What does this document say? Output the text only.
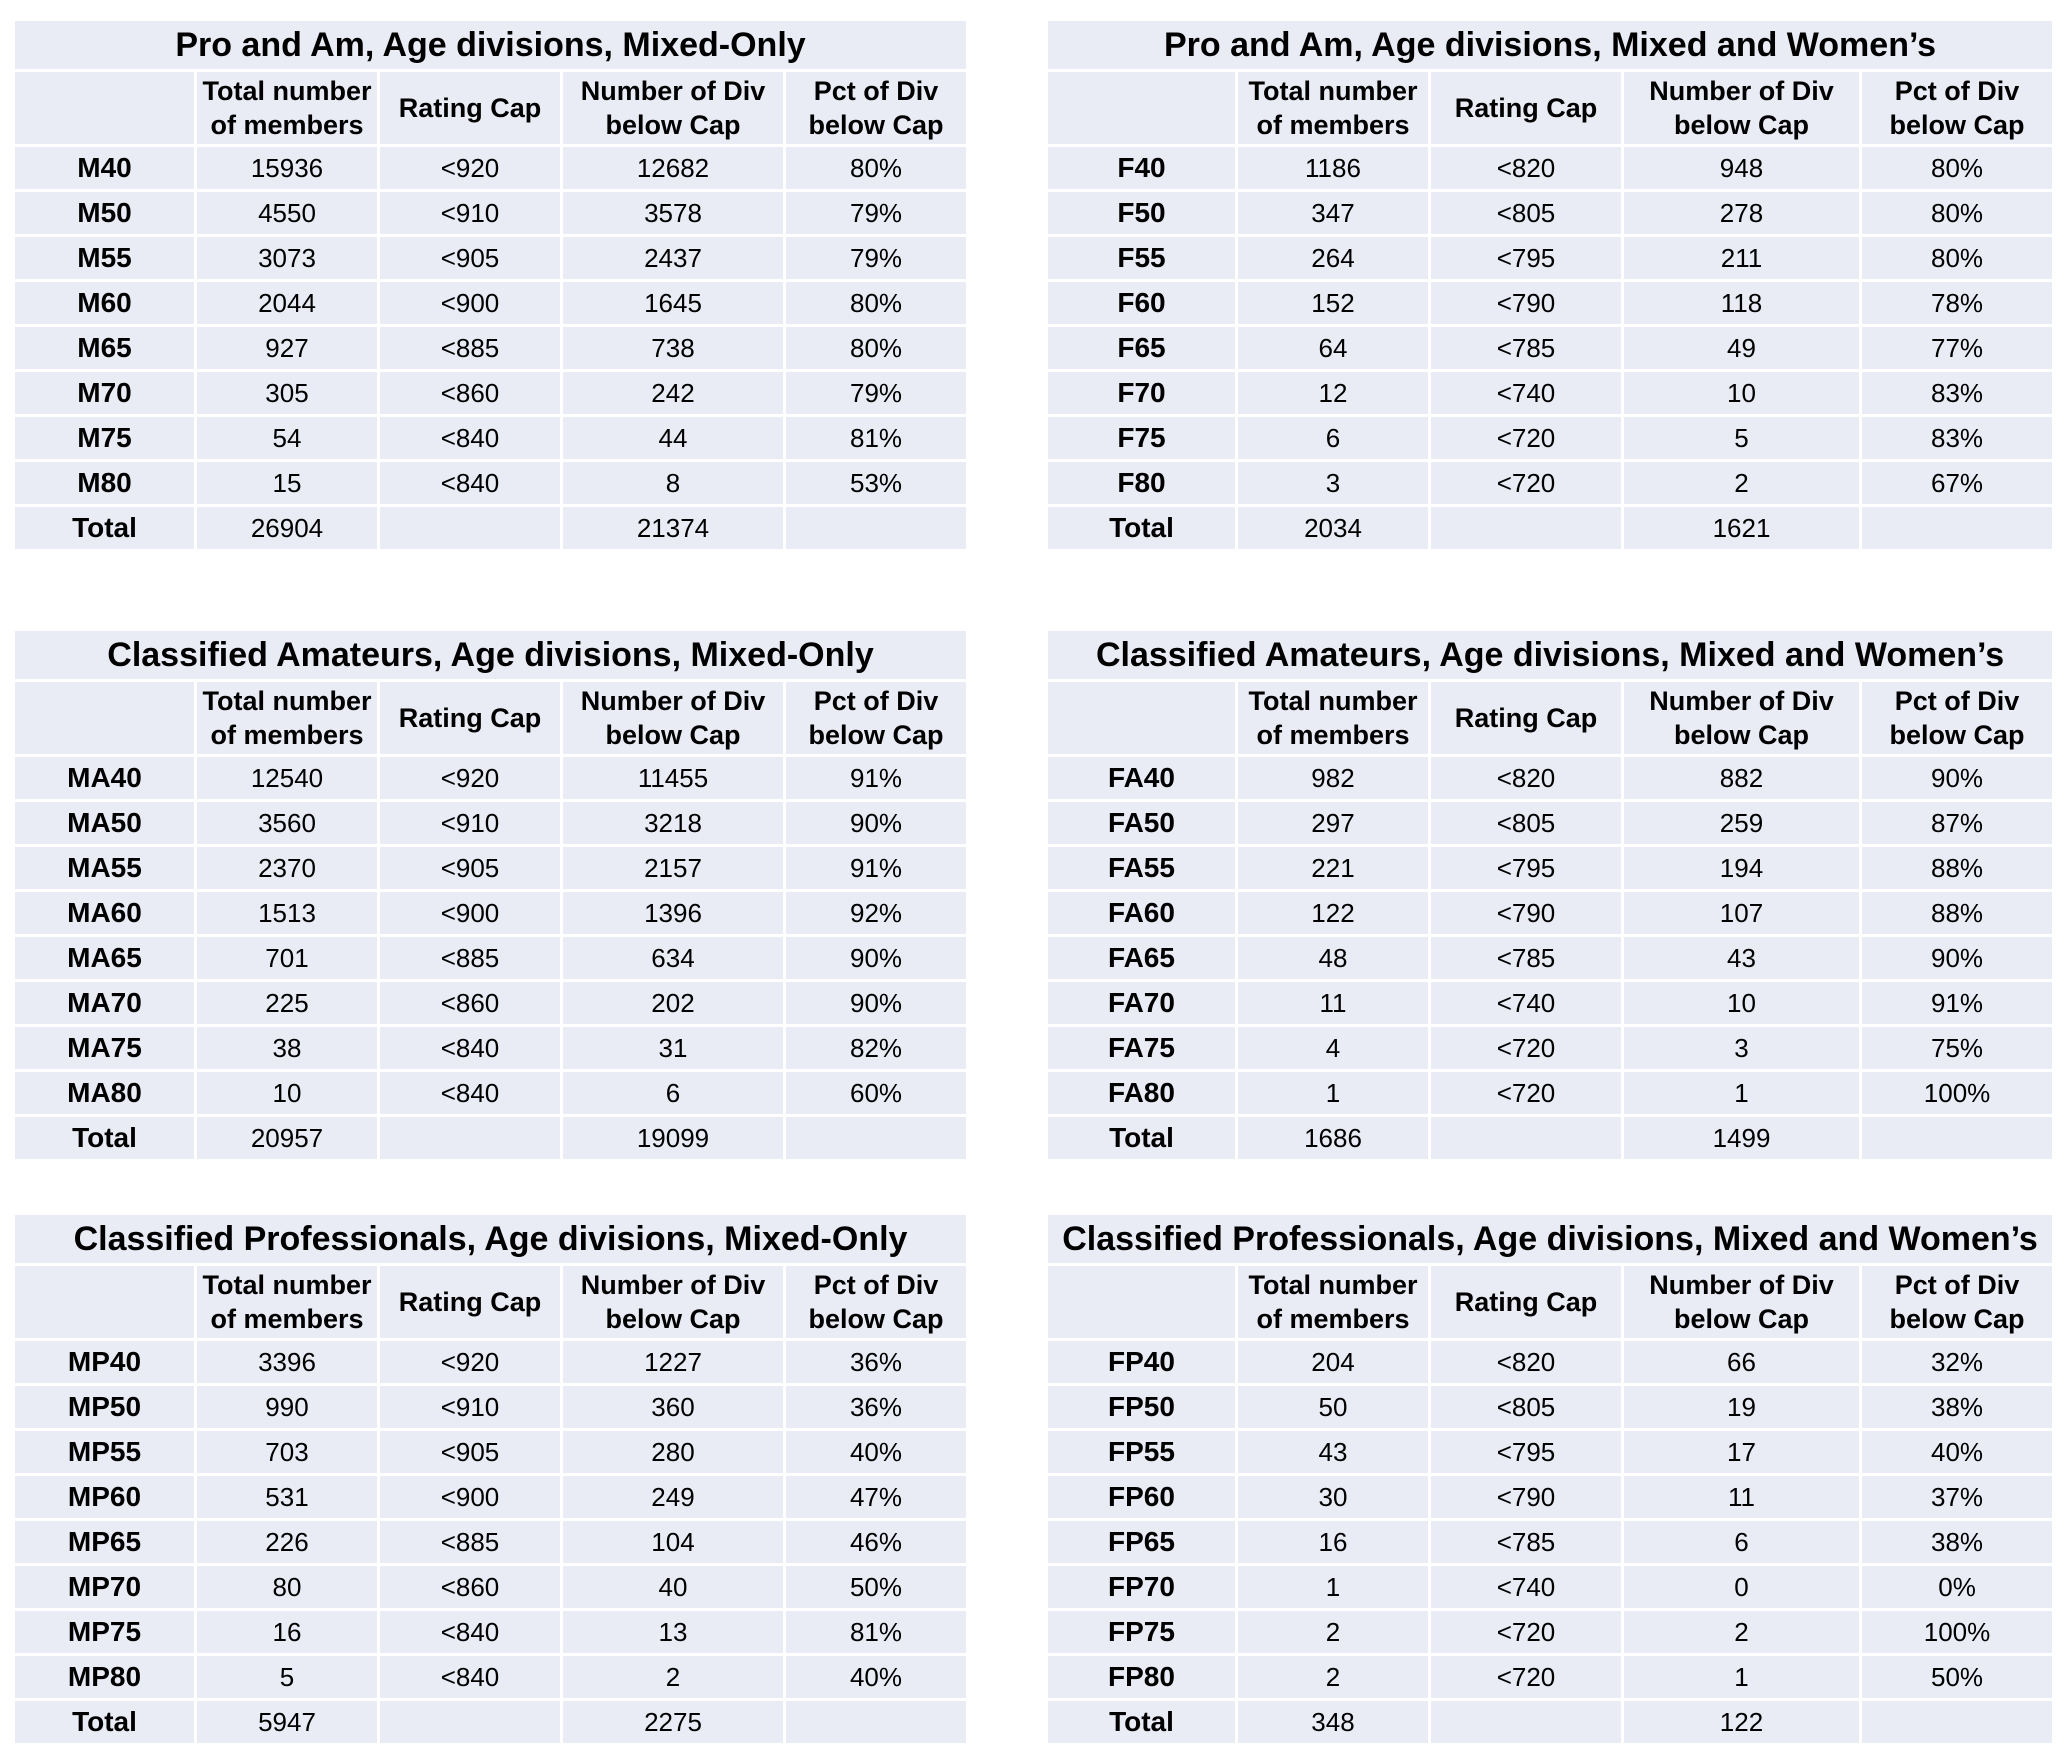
Pro and Am, Age divisions, Mixed-Only				
	Total number of members	Rating Cap	Number of Div below Cap	Pct of Div below Cap
M40	15936	<920	12682	80%
M50	4550	<910	3578	79%
M55	3073	<905	2437	79%
M60	2044	<900	1645	80%
M65	927	<885	738	80%
M70	305	<860	242	79%
M75	54	<840	44	81%
M80	15	<840	8	53%
Total	26904		21374	
Pro and Am, Age divisions, Mixed and Women’s				
	Total number of members	Rating Cap	Number of Div below Cap	Pct of Div below Cap
F40	1186	<820	948	80%
F50	347	<805	278	80%
F55	264	<795	211	80%
F60	152	<790	118	78%
F65	64	<785	49	77%
F70	12	<740	10	83%
F75	6	<720	5	83%
F80	3	<720	2	67%
Total	2034		1621	
Classified Amateurs, Age divisions, Mixed-Only				
	Total number of members	Rating Cap	Number of Div below Cap	Pct of Div below Cap
MA40	12540	<920	11455	91%
MA50	3560	<910	3218	90%
MA55	2370	<905	2157	91%
MA60	1513	<900	1396	92%
MA65	701	<885	634	90%
MA70	225	<860	202	90%
MA75	38	<840	31	82%
MA80	10	<840	6	60%
Total	20957		19099	
Classified Amateurs, Age divisions, Mixed and Women’s				
	Total number of members	Rating Cap	Number of Div below Cap	Pct of Div below Cap
FA40	982	<820	882	90%
FA50	297	<805	259	87%
FA55	221	<795	194	88%
FA60	122	<790	107	88%
FA65	48	<785	43	90%
FA70	11	<740	10	91%
FA75	4	<720	3	75%
FA80	1	<720	1	100%
Total	1686		1499	
Classified Professionals, Age divisions, Mixed-Only				
	Total number of members	Rating Cap	Number of Div below Cap	Pct of Div below Cap
MP40	3396	<920	1227	36%
MP50	990	<910	360	36%
MP55	703	<905	280	40%
MP60	531	<900	249	47%
MP65	226	<885	104	46%
MP70	80	<860	40	50%
MP75	16	<840	13	81%
MP80	5	<840	2	40%
Total	5947		2275	
Classified Professionals, Age divisions, Mixed and Women’s				
	Total number of members	Rating Cap	Number of Div below Cap	Pct of Div below Cap
FP40	204	<820	66	32%
FP50	50	<805	19	38%
FP55	43	<795	17	40%
FP60	30	<790	11	37%
FP65	16	<785	6	38%
FP70	1	<740	0	0%
FP75	2	<720	2	100%
FP80	2	<720	1	50%
Total	348		122	
